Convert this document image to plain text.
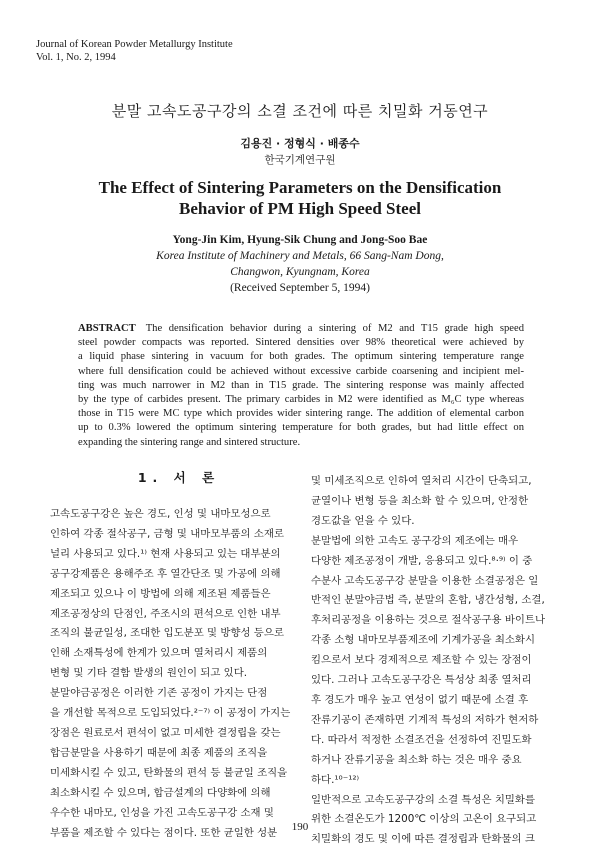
Journal of Korean Powder Metallurgy Institute
Vol. 1, No. 2, 1994
분말 고속도공구강의 소결 조건에 따른 치밀화 거동연구
김용진 · 정형식 · 배종수
한국기계연구원
The Effect of Sintering Parameters on the Densification
Behavior of PM High Speed Steel
Yong-Jin Kim, Hyung-Sik Chung and Jong-Soo Bae
Korea Institute of Machinery and Metals, 66 Sang-Nam Dong,
Changwon, Kyungnam, Korea
(Received September 5, 1994)
ABSTRACT The densification behavior during a sintering of M2 and T15 grade high speed
steel powder compacts was reported. Sintered densities over 98% theoretical were achieved by
a liquid phase sintering in vacuum for both grades. The optimum sintering temperature range
where full densification could be achieved without excessive carbide coarsening and incipient mel-
ting was much narrower in M2 than in T15 grade. The sintering response was mainly affected
by the type of carbides present. The primary carbides in M2 were identified as M₆C type whereas
those in T15 were MC type which provides wider sintering range. The addition of elemental carbon
up to 0.3% lowered the optimum sintering temperature for both grades, but had little effect on
expanding the sintering range and sintered structure.
1. 서 론
고속도공구강은 높은 경도, 인성 및 내마모성으로
인하여 각종 절삭공구, 금형 및 내마모부품의 소재로
널리 사용되고 있다.¹⁾ 현재 사용되고 있는 대부분의
공구강제품은 용해주조 후 열간단조 및 가공에 의해
제조되고 있으나 이 방법에 의해 제조된 제품들은
제조공정상의 단점인, 주조시의 편석으로 인한 내부
조직의 불균일성, 조대한 입도분포 및 방향성 등으로
인해 소재특성에 한계가 있으며 열처리시 제품의
변형 및 기타 결함 발생의 원인이 되고 있다.
분말야금공정은 이러한 기존 공정이 가지는 단점
을 개선할 목적으로 도입되었다.²⁻⁷⁾ 이 공정이 가지는
장점은 원료로서 편석이 없고 미세한 결정립을 갖는
합금분말을 사용하기 때문에 최종 제품의 조직을
미세화시킬 수 있고, 탄화물의 편석 등 불균일 조직을
최소화시킬 수 있으며, 합금설계의 다양화에 의해
우수한 내마모, 인성을 가진 고속도공구강 소재 및
부품을 제조할 수 있다는 점이다. 또한 균일한 성분
및 미세조직으로 인하여 열처리 시간이 단축되고,
균열이나 변형 등을 최소화 할 수 있으며, 안정한
경도값을 얻을 수 있다.
분말법에 의한 고속도 공구강의 제조에는 매우
다양한 제조공정이 개발, 응용되고 있다.⁸·⁹⁾ 이 중
수분사 고속도공구강 분말을 이용한 소결공정은 일
반적인 분말야금법 즉, 분말의 혼합, 냉간성형, 소결,
후처리공정을 이용하는 것으로 절삭공구용 바이트나
각종 소형 내마모부품제조에 기계가공을 최소화시
킴으로서 보다 경제적으로 제조할 수 있는 장점이
있다. 그러나 고속도공구강은 특성상 최종 열처리
후 경도가 매우 높고 연성이 없기 때문에 소결 후
잔류기공이 존재하면 기계적 특성의 저하가 현저하
다. 따라서 적정한 소결조건을 선정하여 진밀도화
하거나 잔류기공을 최소화 하는 것은 매우 중요
하다.¹⁰⁻¹²⁾
일반적으로 고속도공구강의 소결 특성은 치밀화를
위한 소결온도가 1200℃ 이상의 고온이 요구되고
치밀화의 경도 및 이에 따른 결정립과 탄화물의 크
190
